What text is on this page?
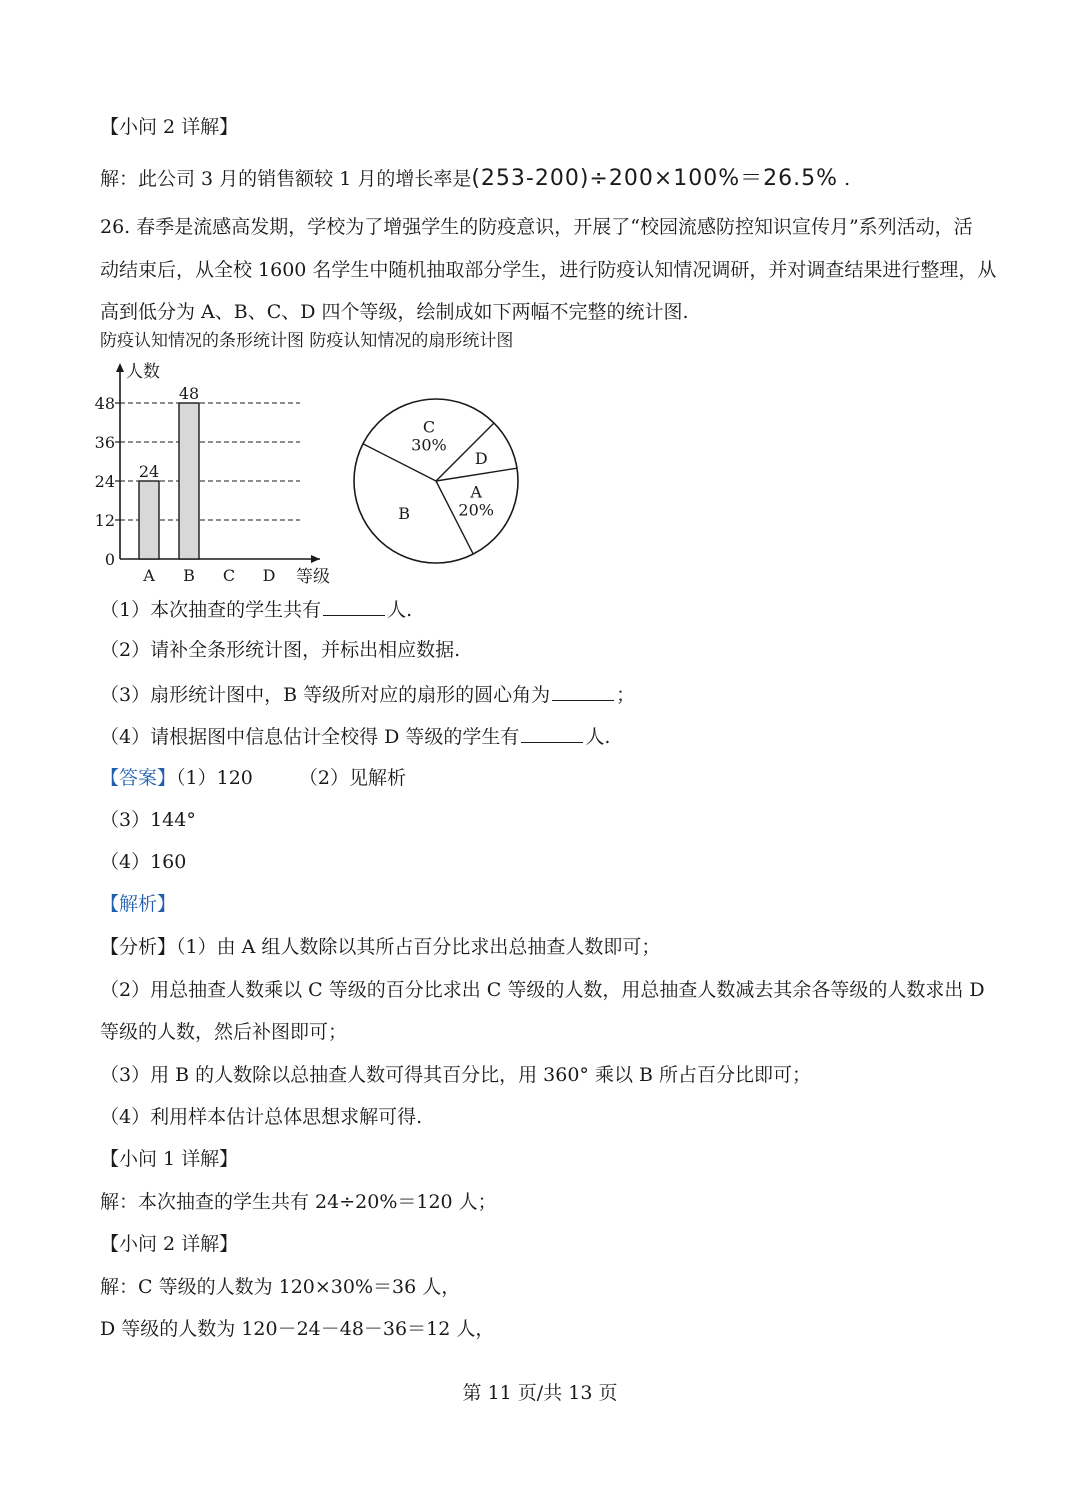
【小问 2 详解】
解：此公司 3 月的销售额较 1 月的增长率是(253-200)÷200×100%＝26.5% .
26. 春季是流感高发期，学校为了增强学生的防疫意识，开展了“校园流感防控知识宣传月”系列活动，活
动结束后，从全校 1600 名学生中随机抽取部分学生，进行防疫认知情况调研，并对调查结果进行整理，从
高到低分为 A、B、C、D 四个等级，绘制成如下两幅不完整的统计图.
防疫认知情况的条形统计图 防疫认知情况的扇形统计图
人数
等级
0
12
24
36
48
24
A
48
B C D
C
30%
D
A
20%
B
（1）本次抽查的学生共有	人.
（2）请补全条形统计图，并标出相应数据.
（3）扇形统计图中，B 等级所对应的扇形的圆心角为	；
（4）请根据图中信息估计全校得 D 等级的学生有	人.
【答案】（1）120 （2）见解析
（3）144°
（4）160
【解析】
【分析】（1）由 A 组人数除以其所占百分比求出总抽查人数即可；
（2）用总抽查人数乘以 C 等级的百分比求出 C 等级的人数，用总抽查人数减去其余各等级的人数求出 D
等级的人数，然后补图即可；
（3）用 B 的人数除以总抽查人数可得其百分比，用 360° 乘以 B 所占百分比即可；
（4）利用样本估计总体思想求解可得.
【小问 1 详解】
解：本次抽查的学生共有 24÷20%＝120 人；
【小问 2 详解】
解：C 等级的人数为 120×30%＝36 人，
D 等级的人数为 120－24－48－36＝12 人，
第 11 页/共 13 页
